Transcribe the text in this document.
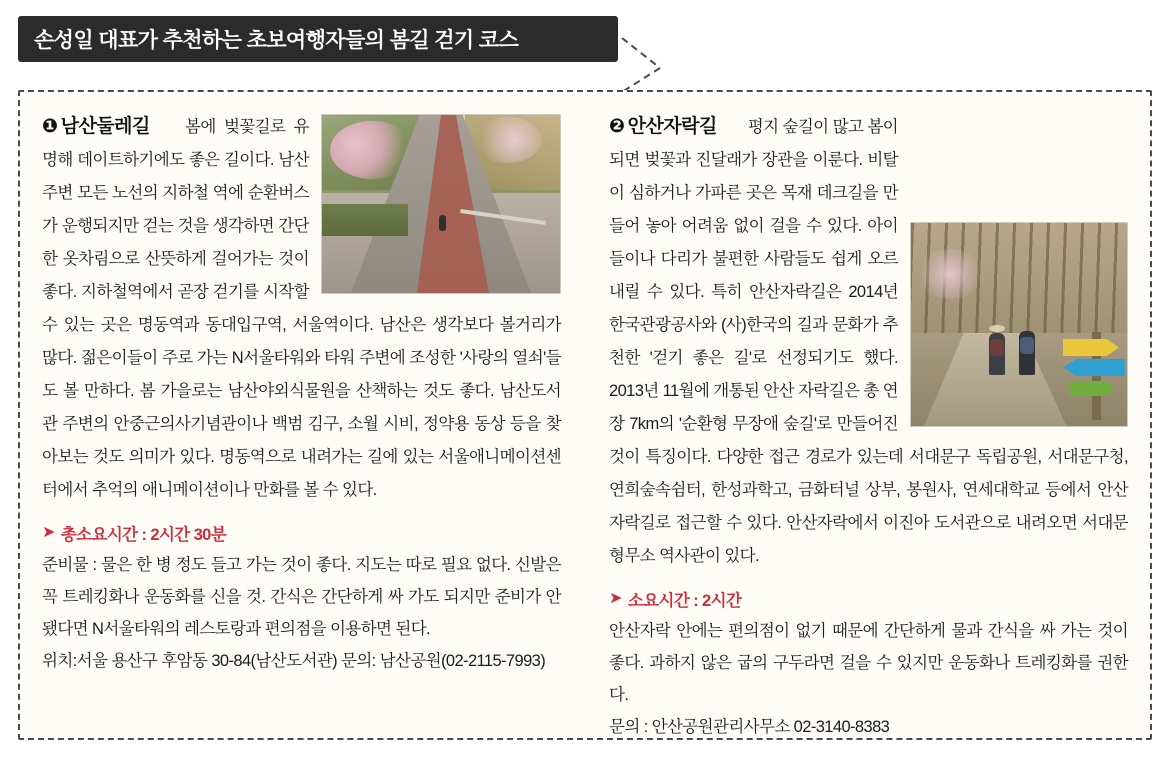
손성일 대표가 추천하는 초보여행자들의 봄길 걷기 코스
❶ 남산둘레길 봄에 벚꽃길로 유명해 데이트하기에도 좋은 길이다. 남산 주변 모든 노선의 지하철 역에 순환버스가 운행되지만 걷는 것을 생각하면 간단한 옷차림으로 산뜻하게 걸어가는 것이 좋다. 지하철역에서 곧장 걷기를 시작할 수 있는 곳은 명동역과 동대입구역, 서울역이다. 남산은 생각보다 볼거리가 많다. 젊은이들이 주로 가는 N서울타워와 타워 주변에 조성한 '사랑의 열쇠'들도 볼 만하다. 봄 가을로는 남산야외식물원을 산책하는 것도 좋다. 남산도서관 주변의 안중근의사기념관이나 백범 김구, 소월 시비, 정약용 동상 등을 찾아보는 것도 의미가 있다. 명동역으로 내려가는 길에 있는 서울애니메이션센터에서 추억의 애니메이션이나 만화를 볼 수 있다.
➤ 총소요시간 : 2시간 30분
준비물 : 물은 한 병 정도 들고 가는 것이 좋다. 지도는 따로 필요 없다. 신발은 꼭 트레킹화나 운동화를 신을 것. 간식은 간단하게 싸 가도 되지만 준비가 안 됐다면 N서울타워의 레스토랑과 편의점을 이용하면 된다.
위치:서울 용산구 후암동 30-84(남산도서관) 문의: 남산공원(02-2115-7993)
❷ 안산자락길 평지 숲길이 많고 봄이 되면 벚꽃과 진달래가 장관을 이룬다. 비탈이 심하거나 가파른 곳은 목재 데크길을 만들어 놓아 어려움 없이 걸을 수 있다. 아이들이나 다리가 불편한 사람들도 쉽게 오르내릴 수 있다. 특히 안산자락길은 2014년 한국관광공사와 (사)한국의 길과 문화가 추천한 '걷기 좋은 길'로 선정되기도 했다. 2013년 11월에 개통된 안산 자락길은 총 연장 7km의 '순환형 무장애 숲길'로 만들어진 것이 특징이다. 다양한 접근 경로가 있는데 서대문구 독립공원, 서대문구청, 연희숲속쉼터, 한성과학고, 금화터널 상부, 봉원사, 연세대학교 등에서 안산자락길로 접근할 수 있다. 안산자락에서 이진아 도서관으로 내려오면 서대문형무소 역사관이 있다.
➤ 소요시간 : 2시간
안산자락 안에는 편의점이 없기 때문에 간단하게 물과 간식을 싸 가는 것이 좋다. 과하지 않은 굽의 구두라면 걸을 수 있지만 운동화나 트레킹화를 권한다.
문의 : 안산공원관리사무소 02-3140-8383
